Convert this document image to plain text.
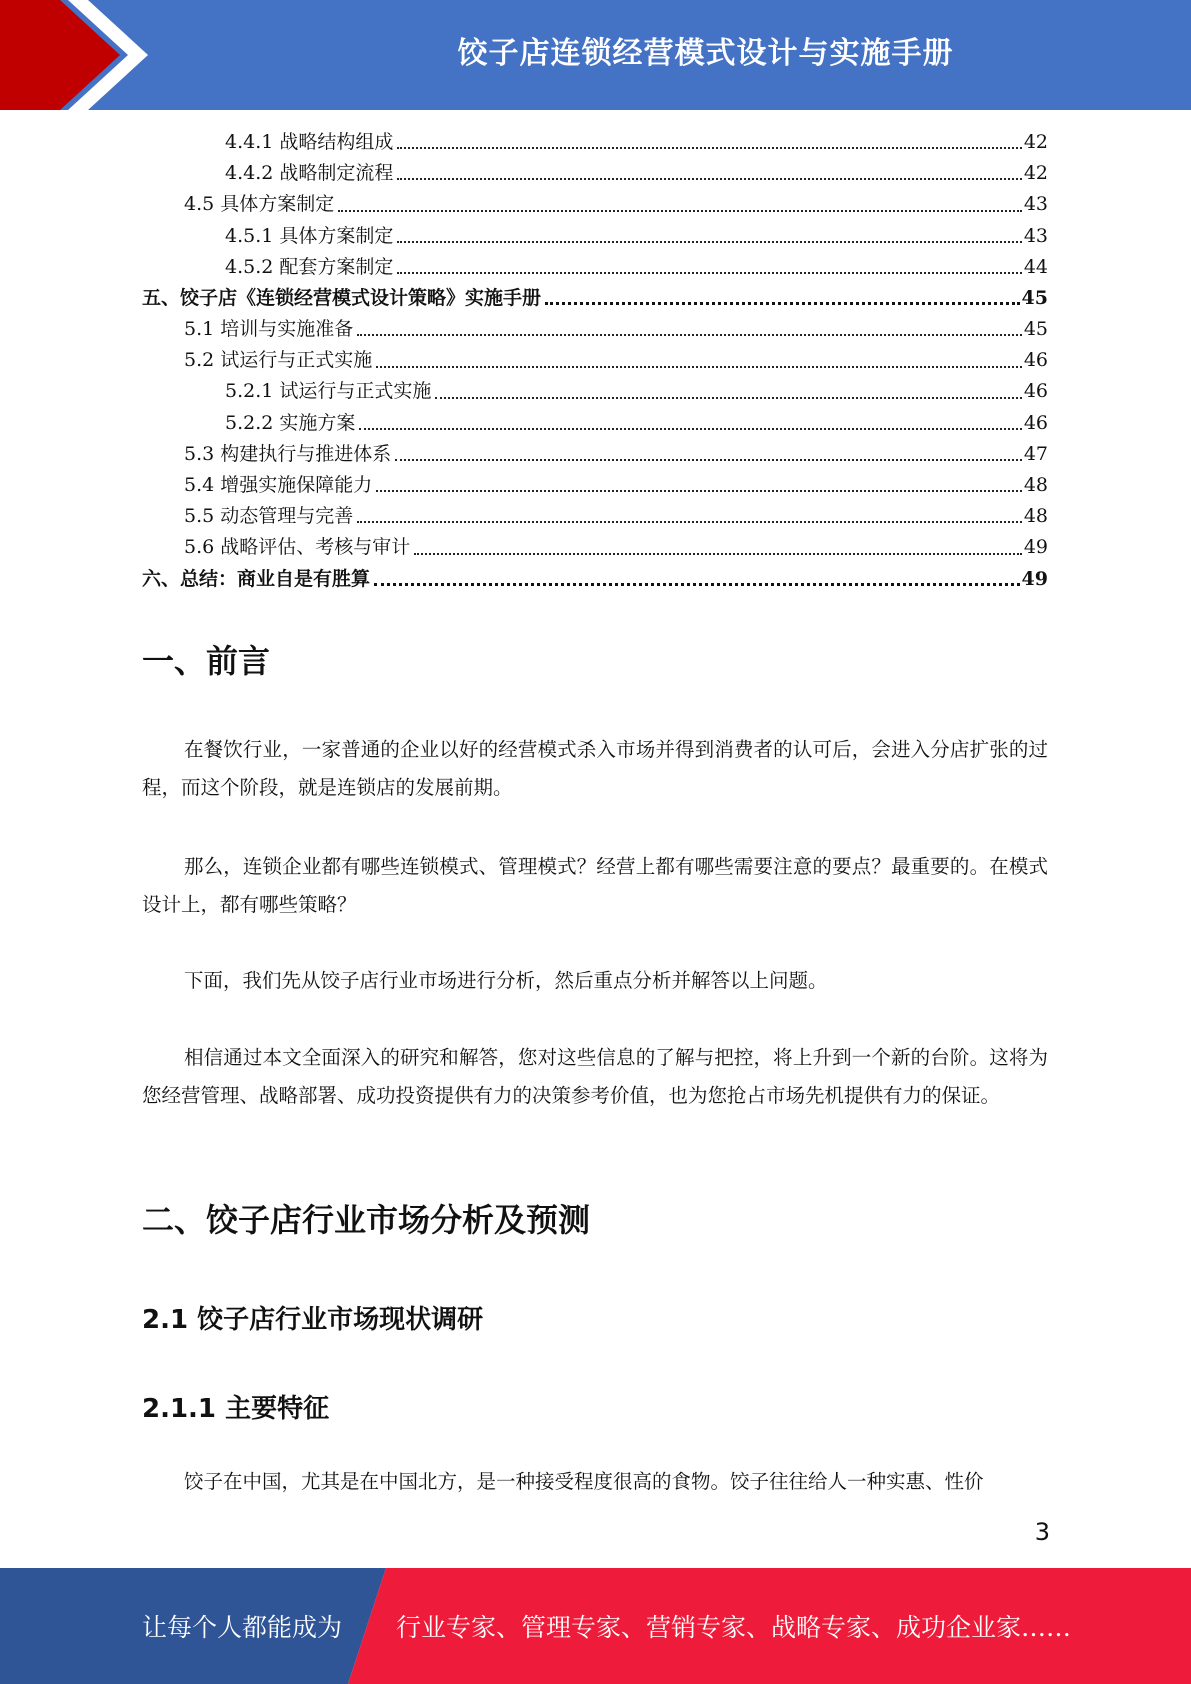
饺子店连锁经营模式设计与实施手册
4.4.1 战略结构组成	42
4.4.2 战略制定流程	42
4.5 具体方案制定	43
4.5.1 具体方案制定	43
4.5.2 配套方案制定	44
五、饺子店《连锁经营模式设计策略》实施手册	45
5.1 培训与实施准备	45
5.2 试运行与正式实施	46
5.2.1 试运行与正式实施	46
5.2.2 实施方案	46
5.3 构建执行与推进体系	47
5.4 增强实施保障能力	48
5.5 动态管理与完善	48
5.6 战略评估、考核与审计	49
六、总结：商业自是有胜算	49
一、前言

在餐饮行业，一家普通的企业以好的经营模式杀入市场并得到消费者的认可后，会进入分店扩张的过程，而这个阶段，就是连锁店的发展前期。

那么，连锁企业都有哪些连锁模式、管理模式？经营上都有哪些需要注意的要点？最重要的。在模式设计上，都有哪些策略？

下面，我们先从饺子店行业市场进行分析，然后重点分析并解答以上问题。

相信通过本文全面深入的研究和解答，您对这些信息的了解与把控，将上升到一个新的台阶。这将为您经营管理、战略部署、成功投资提供有力的决策参考价值，也为您抢占市场先机提供有力的保证。

二、饺子店行业市场分析及预测
2.1 饺子店行业市场现状调研
2.1.1 主要特征

饺子在中国，尤其是在中国北方，是一种接受程度很高的食物。饺子往往给人一种实惠、性价

3
让每个人都能成为 行业专家、管理专家、营销专家、战略专家、成功企业家……
